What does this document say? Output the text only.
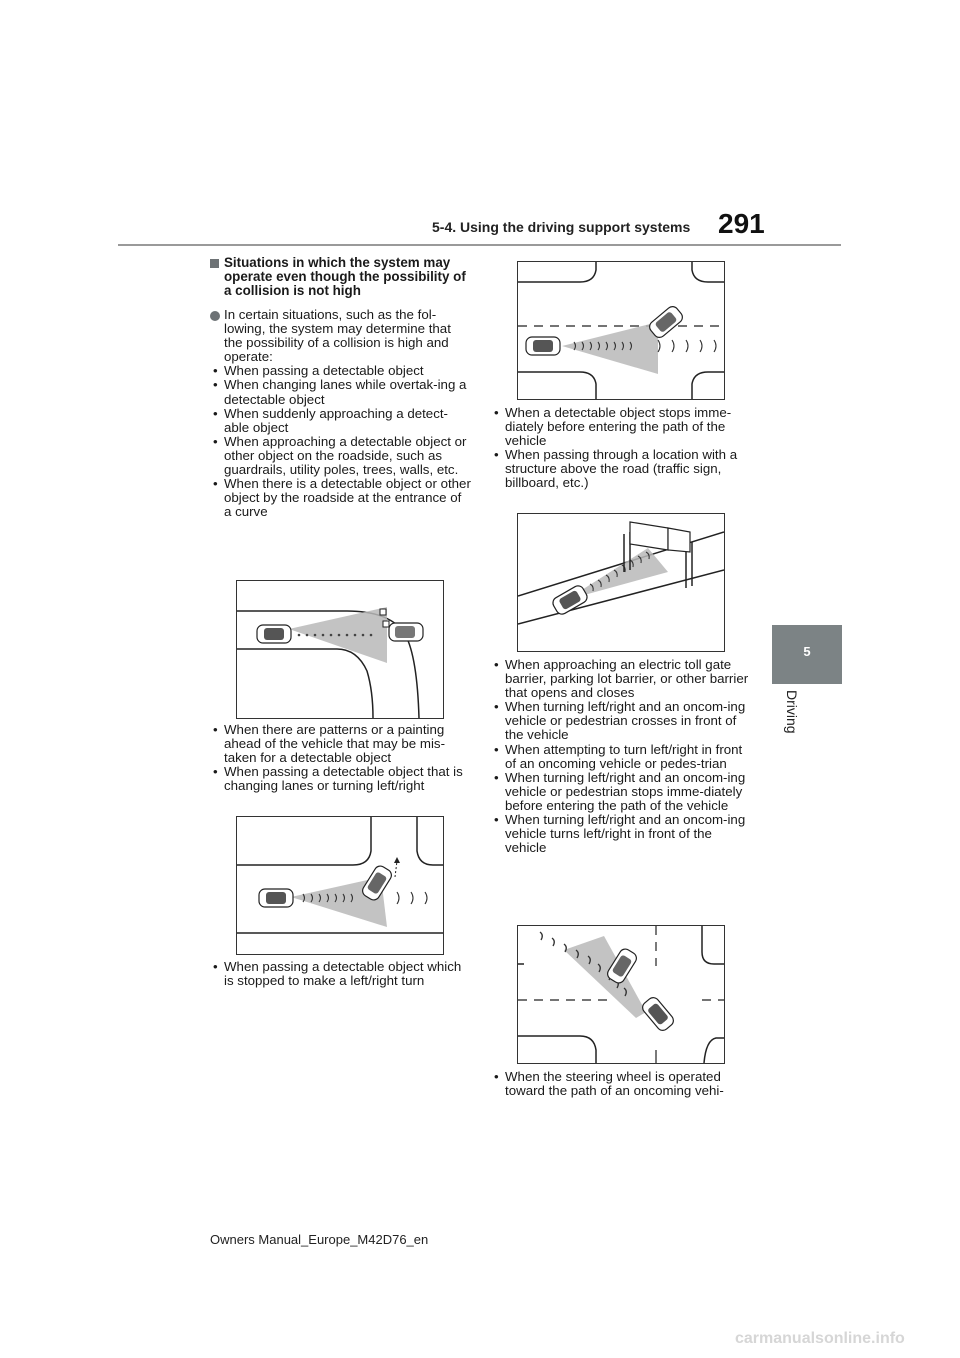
5-4. Using the driving support systems 291
5
Driving
Situations in which the system may operate even though the possibility of a collision is not high
In certain situations, such as the fol-lowing, the system may determine that the possibility of a collision is high and operate:
• When passing a detectable object
• When changing lanes while overtak-ing a detectable object
• When suddenly approaching a detect-able object
• When approaching a detectable object or other object on the roadside, such as guardrails, utility poles, trees, walls, etc.
• When there is a detectable object or other object by the roadside at the entrance of a curve
• When there are patterns or a painting ahead of the vehicle that may be mis-taken for a detectable object
• When passing a detectable object that is changing lanes or turning left/right
• When passing a detectable object which is stopped to make a left/right turn
• When a detectable object stops imme-diately before entering the path of the vehicle
• When passing through a location with a structure above the road (traffic sign, billboard, etc.)
• When approaching an electric toll gate barrier, parking lot barrier, or other barrier that opens and closes
• When turning left/right and an oncom-ing vehicle or pedestrian crosses in front of the vehicle
• When attempting to turn left/right in front of an oncoming vehicle or pedes-trian
• When turning left/right and an oncom-ing vehicle or pedestrian stops imme-diately before entering the path of the vehicle
• When turning left/right and an oncom-ing vehicle turns left/right in front of the vehicle
• When the steering wheel is operated toward the path of an oncoming vehi-
Owners Manual_Europe_M42D76_en
carmanualsonline.info
